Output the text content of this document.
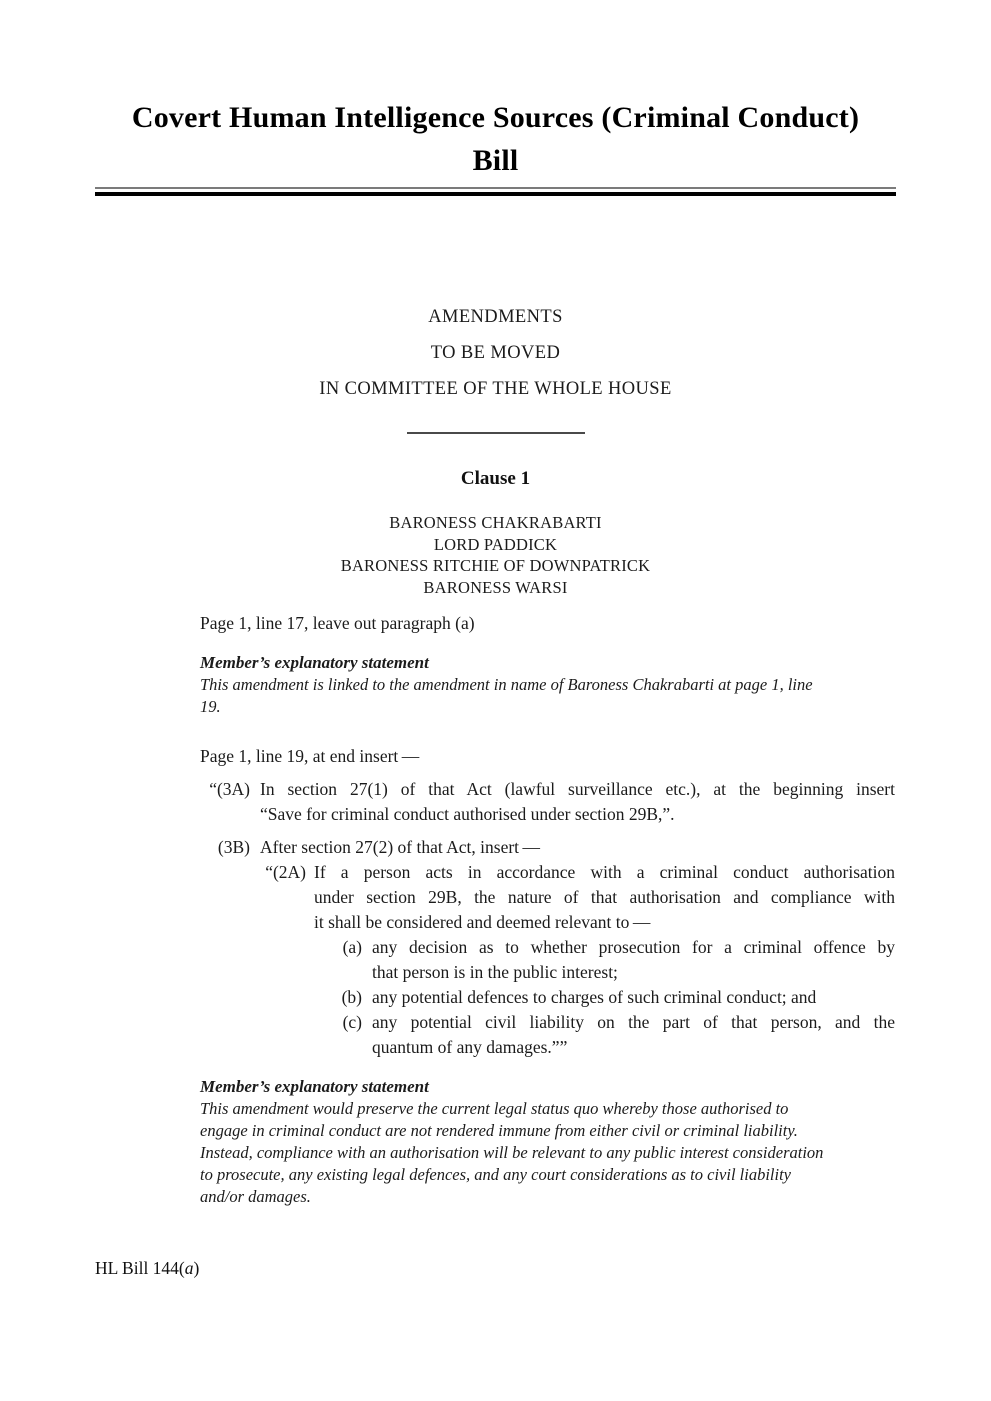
Covert Human Intelligence Sources (Criminal Conduct)
Bill
AMENDMENTS
TO BE MOVED
IN COMMITTEE OF THE WHOLE HOUSE
Clause 1
BARONESS CHAKRABARTI
LORD PADDICK
BARONESS RITCHIE OF DOWNPATRICK
BARONESS WARSI

Page 1, line 17, leave out paragraph (a)

Member’s explanatory statement
This amendment is linked to the amendment in name of Baroness Chakrabarti at page 1, line
19.

Page 1, line 19, at end insert —

“(3A) In section 27(1) of that Act (lawful surveillance etc.), at the beginning insert
“Save for criminal conduct authorised under section 29B,”.
(3B) After section 27(2) of that Act, insert —
“(2A) If a person acts in accordance with a criminal conduct authorisation
under section 29B, the nature of that authorisation and compliance with
it shall be considered and deemed relevant to —
(a) any decision as to whether prosecution for a criminal offence by
that person is in the public interest;
(b) any potential defences to charges of such criminal conduct; and
(c) any potential civil liability on the part of that person, and the
quantum of any damages.””
Member’s explanatory statement
This amendment would preserve the current legal status quo whereby those authorised to
engage in criminal conduct are not rendered immune from either civil or criminal liability.
Instead, compliance with an authorisation will be relevant to any public interest consideration
to prosecute, any existing legal defences, and any court considerations as to civil liability
and/or damages.
HL Bill 144(a)
